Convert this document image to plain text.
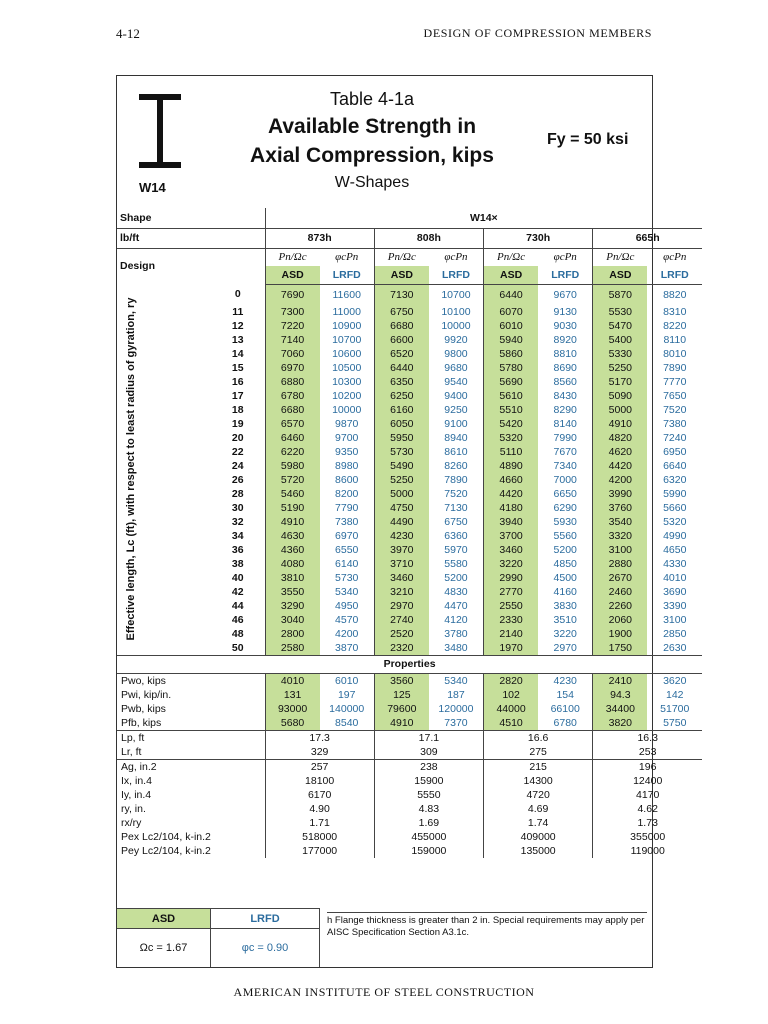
4-12	DESIGN OF COMPRESSION MEMBERS
W14
Table 4-1a
Available Strength in
Axial Compression, kips
W-Shapes
Fy = 50 ksi
Shape		W14×							
lb/ft		873h		808h		730h		665h	
Design		Pn/Ωc	φcPn	Pn/Ωc	φcPn	Pn/Ωc	φcPn	Pn/Ωc	φcPn
		ASD	LRFD	ASD	LRFD	ASD	LRFD	ASD	LRFD

Effective length, Lc (ft), with respect to least radius of gyration, ry	0	7690	11600	7130	10700	6440	9670	5870	8820
	11	7300	11000	6750	10100	6070	9130	5530	8310
	12	7220	10900	6680	10000	6010	9030	5470	8220
	13	7140	10700	6600	9920	5940	8920	5400	8110
	14	7060	10600	6520	9800	5860	8810	5330	8010
	15	6970	10500	6440	9680	5780	8690	5250	7890
	16	6880	10300	6350	9540	5690	8560	5170	7770
	17	6780	10200	6250	9400	5610	8430	5090	7650
	18	6680	10000	6160	9250	5510	8290	5000	7520
	19	6570	9870	6050	9100	5420	8140	4910	7380
	20	6460	9700	5950	8940	5320	7990	4820	7240
	22	6220	9350	5730	8610	5110	7670	4620	6950
	24	5980	8980	5490	8260	4890	7340	4420	6640
	26	5720	8600	5250	7890	4660	7000	4200	6320
	28	5460	8200	5000	7520	4420	6650	3990	5990
	30	5190	7790	4750	7130	4180	6290	3760	5660
	32	4910	7380	4490	6750	3940	5930	3540	5320
	34	4630	6970	4230	6360	3700	5560	3320	4990
	36	4360	6550	3970	5970	3460	5200	3100	4650
	38	4080	6140	3710	5580	3220	4850	2880	4330
	40	3810	5730	3460	5200	2990	4500	2670	4010
	42	3550	5340	3210	4830	2770	4160	2460	3690
	44	3290	4950	2970	4470	2550	3830	2260	3390
	46	3040	4570	2740	4120	2330	3510	2060	3100
	48	2800	4200	2520	3780	2140	3220	1900	2850
	50	2580	3870	2320	3480	1970	2970	1750	2630
Properties									
Pwo, kips		4010	6010	3560	5340	2820	4230	2410	3620
Pwi, kip/in.		131	197	125	187	102	154	94.3	142
Pwb, kips		93000	140000	79600	120000	44000	66100	34400	51700
Pfb, kips		5680	8540	4910	7370	4510	6780	3820	5750
Lp, ft		17.3		17.1		16.6		16.3	
Lr, ft		329		309		275		253	
Ag, in.2		257		238		215		196	
Ix, in.4		18100		15900		14300		12400	
Iy, in.4		6170		5550		4720		4170	
ry, in.		4.90		4.83		4.69		4.62	
rx/ry		1.71		1.69		1.74		1.73	
Pex Lc2/104, k-in.2		518000		455000		409000		355000	
Pey Lc2/104, k-in.2		177000		159000		135000		119000	
ASD	LRFD
Ωc = 1.67	φc = 0.90
h Flange thickness is greater than 2 in. Special requirements may apply per AISC Specification Section A3.1c.
AMERICAN INSTITUTE OF STEEL CONSTRUCTION
